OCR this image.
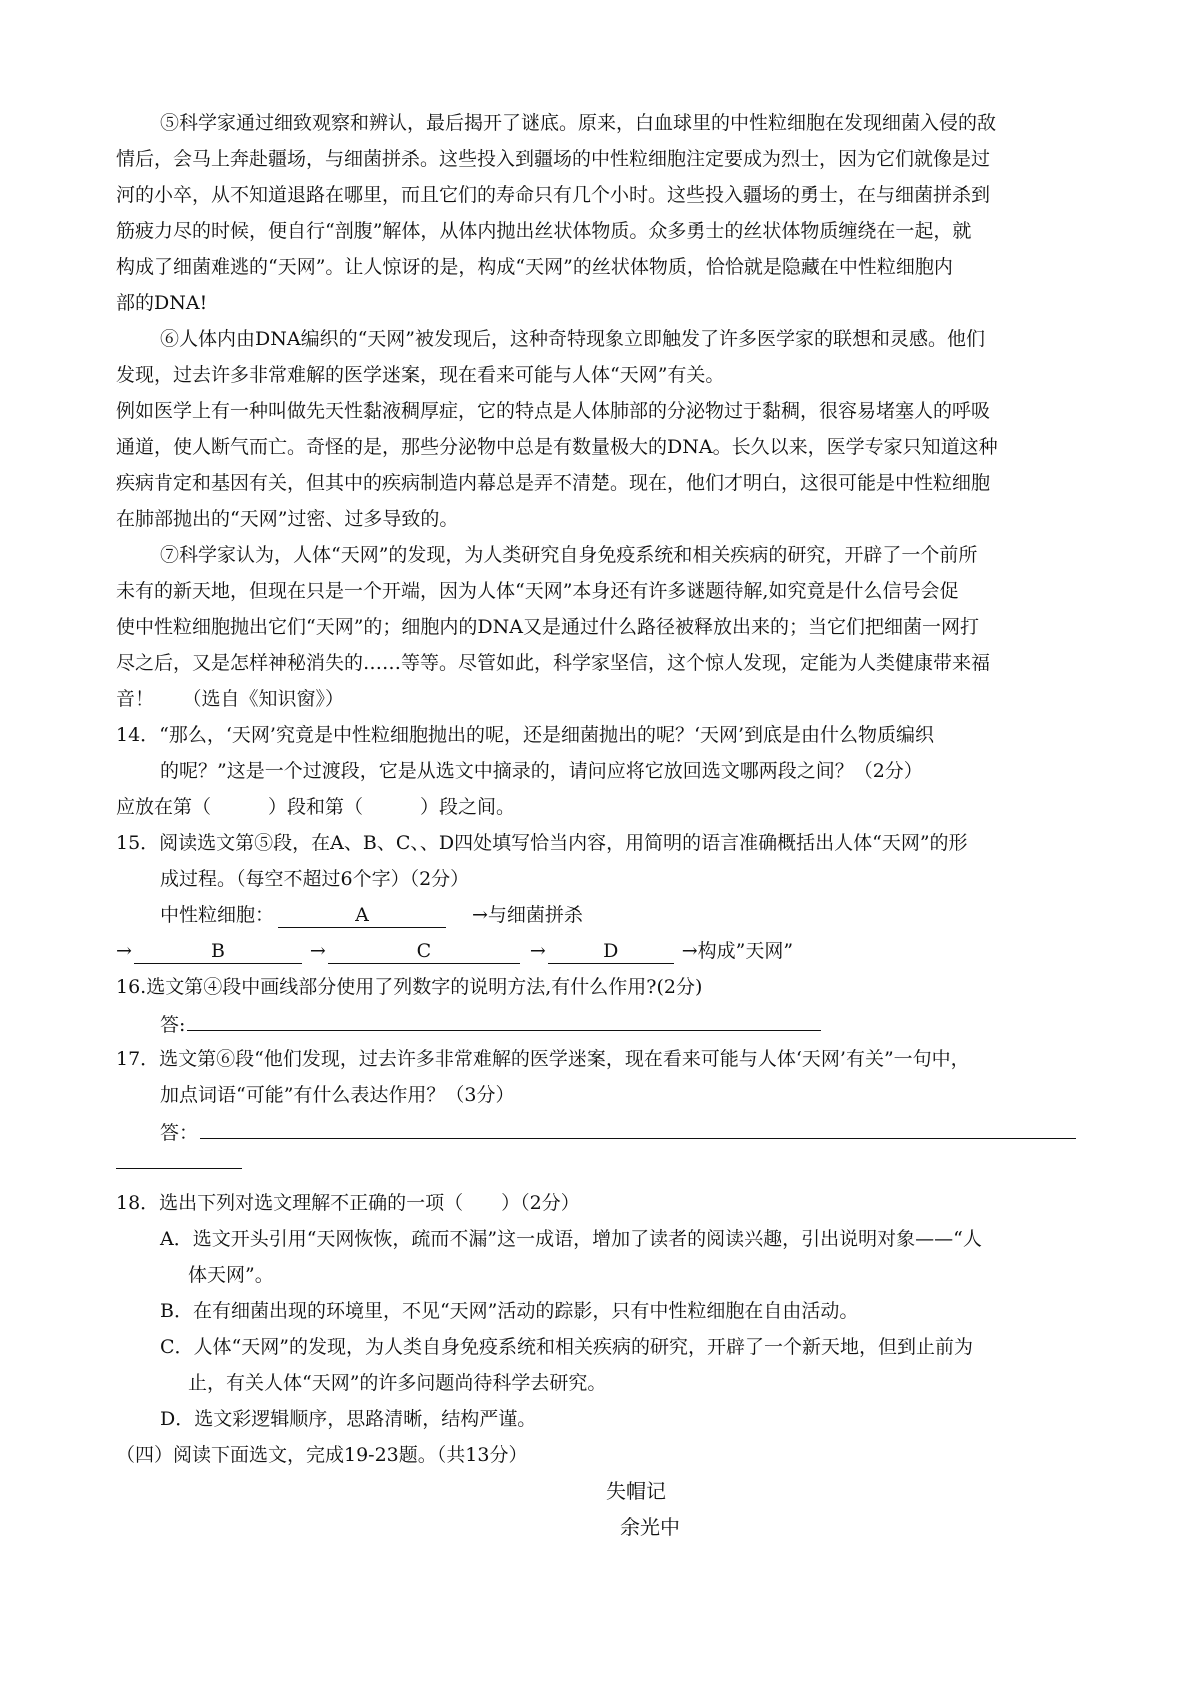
⑤科学家通过细致观察和辨认，最后揭开了谜底。原来，白血球里的中性粒细胞在发现细菌入侵的敌
情后，会马上奔赴疆场，与细菌拼杀。这些投入到疆场的中性粒细胞注定要成为烈士，因为它们就像是过
河的小卒，从不知道退路在哪里，而且它们的寿命只有几个小时。这些投入疆场的勇士，在与细菌拼杀到
筋疲力尽的时候，便自行“剖腹”解体，从体内抛出丝状体物质。众多勇士的丝状体物质缠绕在一起，就
构成了细菌难逃的“天网”。让人惊讶的是，构成“天网”的丝状体物质，恰恰就是隐藏在中性粒细胞内
部的DNA!
⑥人体内由DNA编织的“天网”被发现后，这种奇特现象立即触发了许多医学家的联想和灵感。他们
发现，过去许多非常难解的医学迷案，现在看来可能与人体“天网”有关。
例如医学上有一种叫做先天性黏液稠厚症，它的特点是人体肺部的分泌物过于黏稠，很容易堵塞人的呼吸
通道，使人断气而亡。奇怪的是，那些分泌物中总是有数量极大的DNA。长久以来，医学专家只知道这种
疾病肯定和基因有关，但其中的疾病制造内幕总是弄不清楚。现在，他们才明白，这很可能是中性粒细胞
在肺部抛出的“天网”过密、过多导致的。
⑦科学家认为，人体“天网”的发现，为人类研究自身免疫系统和相关疾病的研究，开辟了一个前所
未有的新天地，但现在只是一个开端，因为人体“天网”本身还有许多谜题待解,如究竟是什么信号会促
使中性粒细胞抛出它们“天网”的；细胞内的DNA又是通过什么路径被释放出来的；当它们把细菌一网打
尽之后，又是怎样神秘消失的……等等。尽管如此，科学家坚信，这个惊人发现，定能为人类健康带来福
音！　　（选自《知识窗》）
14．“那么，‘天网’究竟是中性粒细胞抛出的呢，还是细菌抛出的呢？‘天网’到底是由什么物质编织
的呢？”这是一个过渡段，它是从选文中摘录的，请问应将它放回选文哪两段之间？（2分）
应放在第（　　　）段和第（　　　）段之间。
15．阅读选文第⑤段，在A、B、C、、D四处填写恰当内容，用简明的语言准确概括出人体“天网”的形
成过程。（每空不超过6个字）（2分）
中性粒细胞：	A	→与细菌拼杀
→	B	→	C	→	D	→构成”天网”
16.选文第④段中画线部分使用了列数字的说明方法,有什么作用?(2分)
答:
17．选文第⑥段“他们发现，过去许多非常难解的医学迷案，现在看来可能与人体‘天网’有关”一句中，
加点词语“可能”有什么表达作用？（3分）
答：
18．选出下列对选文理解不正确的一项（　　）（2分）
A．选文开头引用“天网恢恢，疏而不漏”这一成语，增加了读者的阅读兴趣，引出说明对象——“人
体天网”。
B．在有细菌出现的环境里，不见“天网”活动的踪影，只有中性粒细胞在自由活动。
C．人体“天网”的发现，为人类自身免疫系统和相关疾病的研究，开辟了一个新天地，但到止前为
止，有关人体“天网”的许多问题尚待科学去研究。
D．选文彩逻辑顺序，思路清晰，结构严谨。
（四）阅读下面选文，完成19-23题。（共13分）
失帽记
余光中
